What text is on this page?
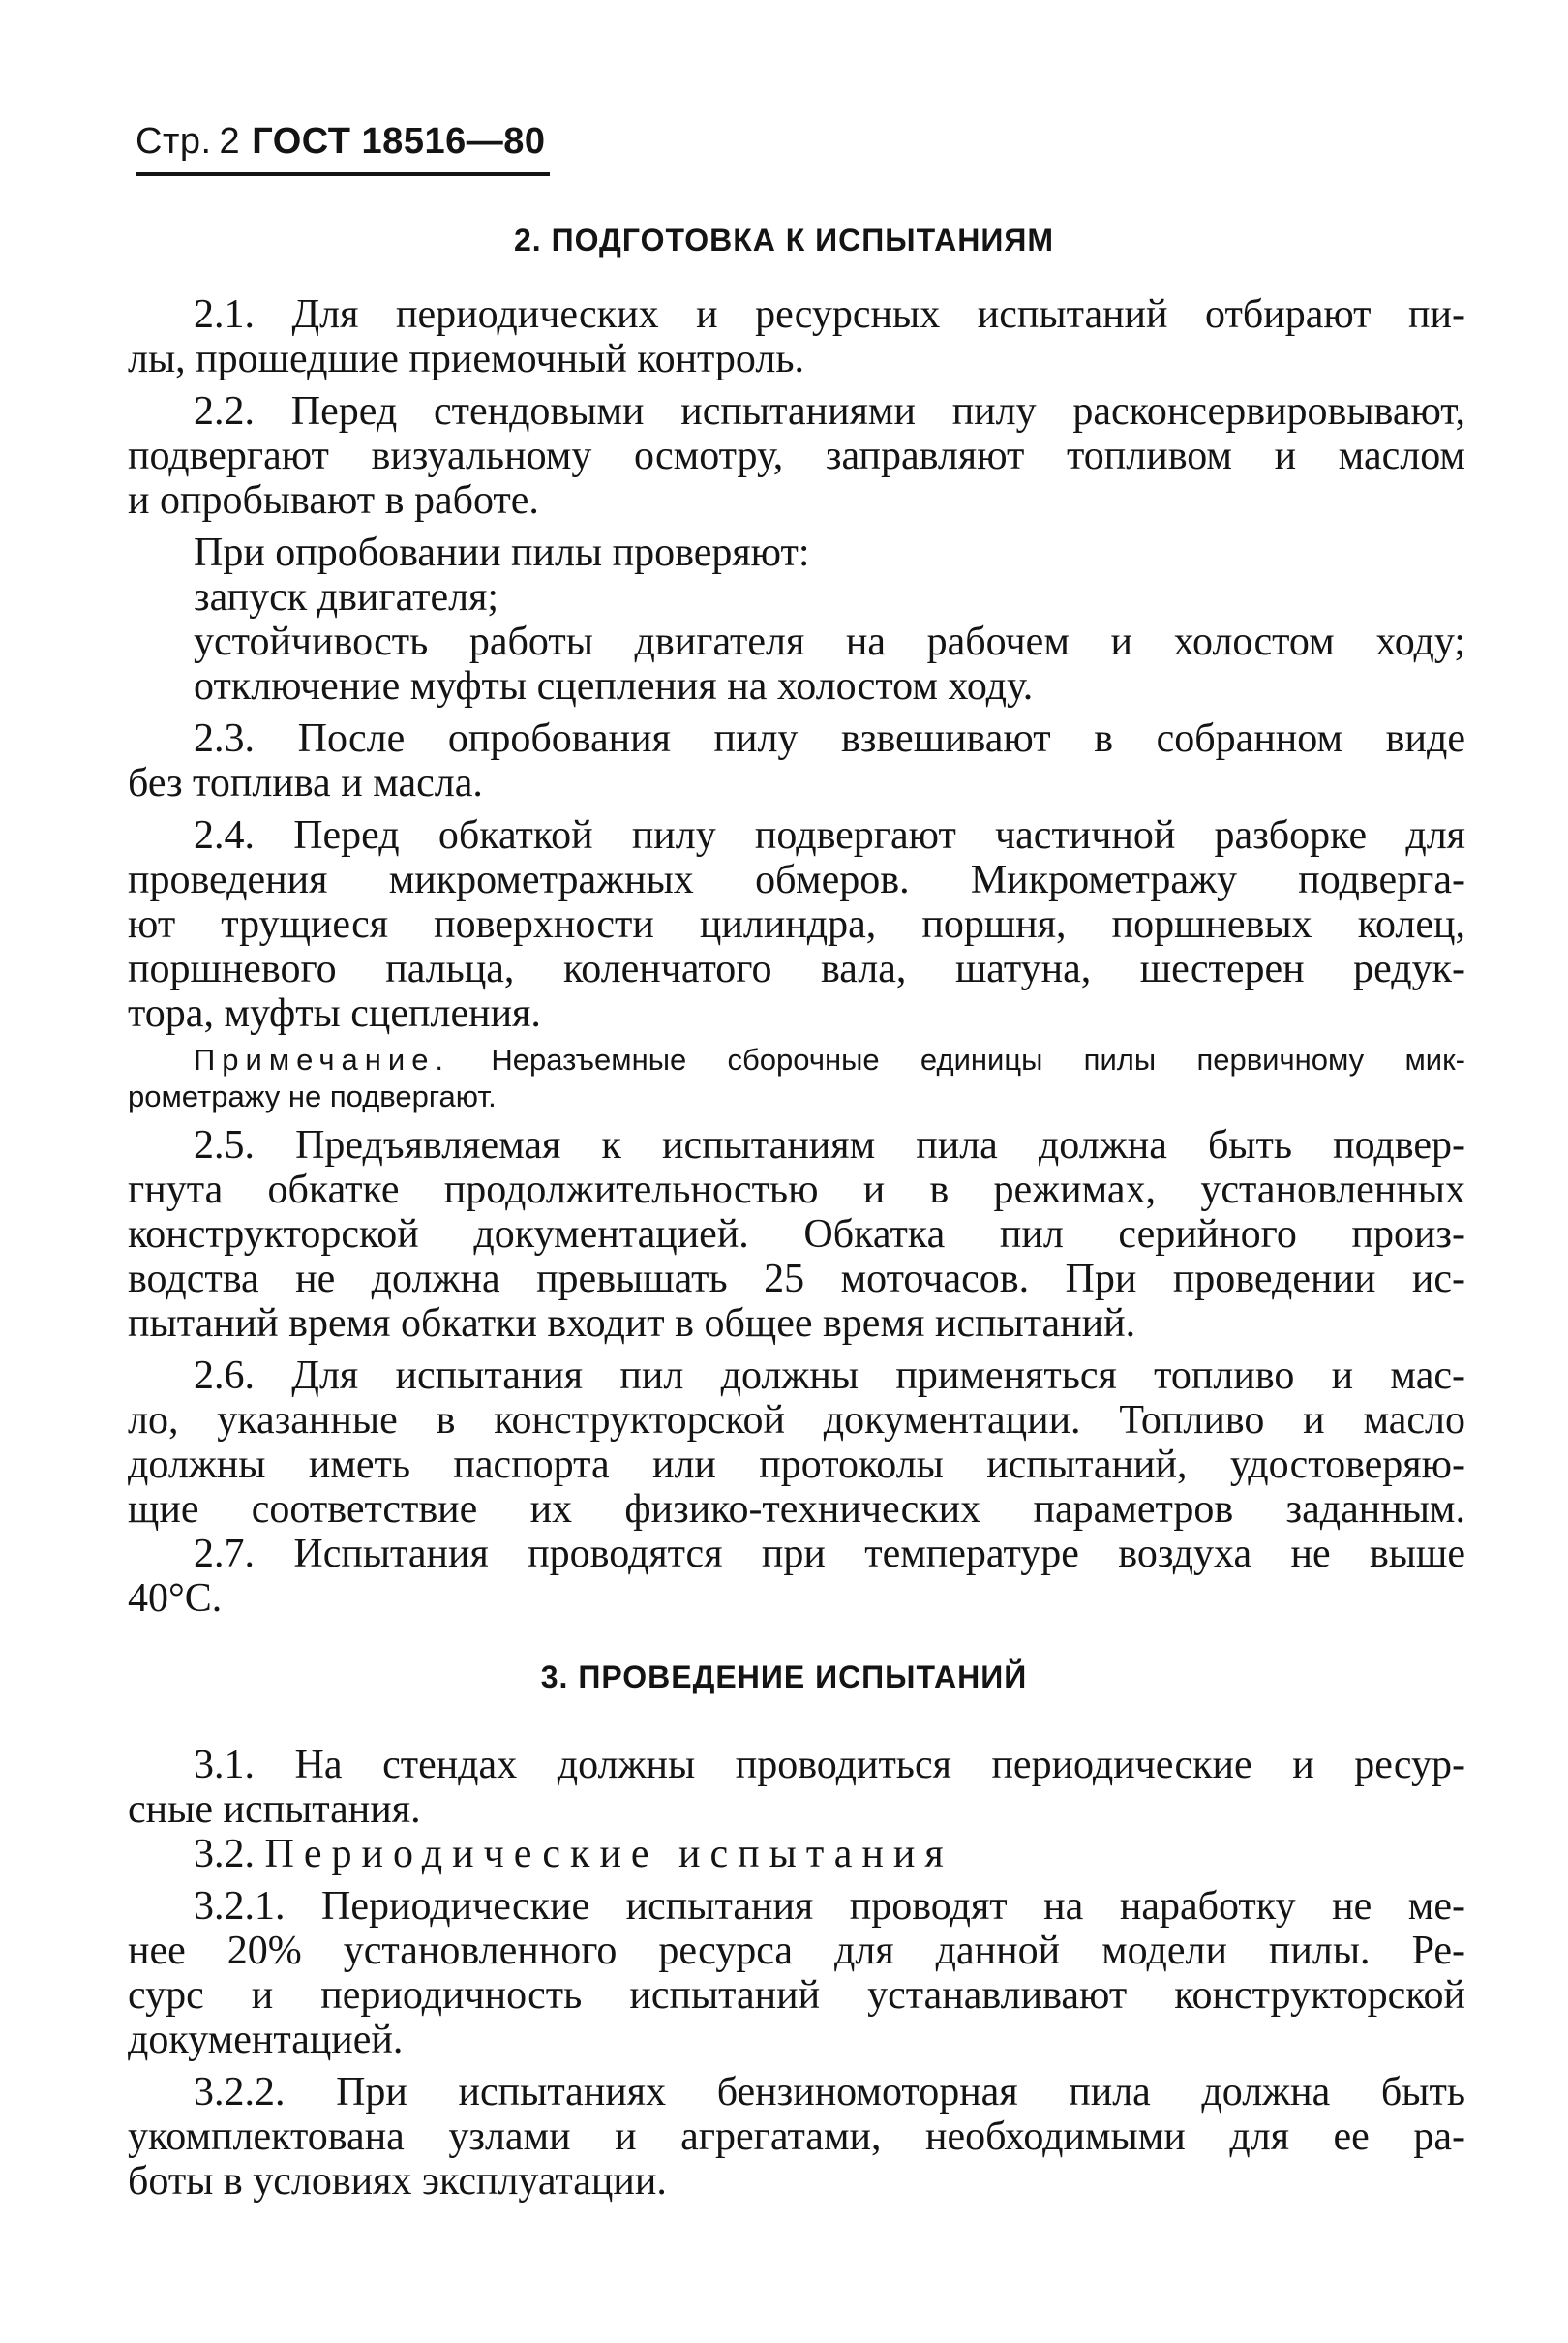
Стр. 2 ГОСТ 18516—80
2. ПОДГОТОВКА К ИСПЫТАНИЯМ
2.1. Для периодических и ресурсных испытаний отбирают пи-
лы, прошедшие приемочный контроль.
2.2. Перед стендовыми испытаниями пилу расконсервировывают,
подвергают визуальному осмотру, заправляют топливом и маслом
и опробывают в работе.
При опробовании пилы проверяют:
запуск двигателя;
устойчивость работы двигателя на рабочем и холостом ходу;
отключение муфты сцепления на холостом ходу.
2.3. После опробования пилу взвешивают в собранном виде
без топлива и масла.
2.4. Перед обкаткой пилу подвергают частичной разборке для
проведения микрометражных обмеров. Микрометражу подверга-
ют трущиеся поверхности цилиндра, поршня, поршневых колец,
поршневого пальца, коленчатого вала, шатуна, шестерен редук-
тора, муфты сцепления.
Примечание. Неразъемные сборочные единицы пилы первичному мик-
рометражу не подвергают.
2.5. Предъявляемая к испытаниям пила должна быть подвер-
гнута обкатке продолжительностью и в режимах, установленных
конструкторской документацией. Обкатка пил серийного произ-
водства не должна превышать 25 моточасов. При проведении ис-
пытаний время обкатки входит в общее время испытаний.
2.6. Для испытания пил должны применяться топливо и мас-
ло, указанные в конструкторской документации. Топливо и масло
должны иметь паспорта или протоколы испытаний, удостоверяю-
щие соответствие их физико-технических параметров заданным.
2.7. Испытания проводятся при температуре воздуха не выше
40°С.
3. ПРОВЕДЕНИЕ ИСПЫТАНИЙ
3.1. На стендах должны проводиться периодические и ресур-
сные испытания.
3.2. Периодические испытания
3.2.1. Периодические испытания проводят на наработку не ме-
нее 20% установленного ресурса для данной модели пилы. Ре-
сурс и периодичность испытаний устанавливают конструкторской
документацией.
3.2.2. При испытаниях бензиномоторная пила должна быть
укомплектована узлами и агрегатами, необходимыми для ее ра-
боты в условиях эксплуатации.
